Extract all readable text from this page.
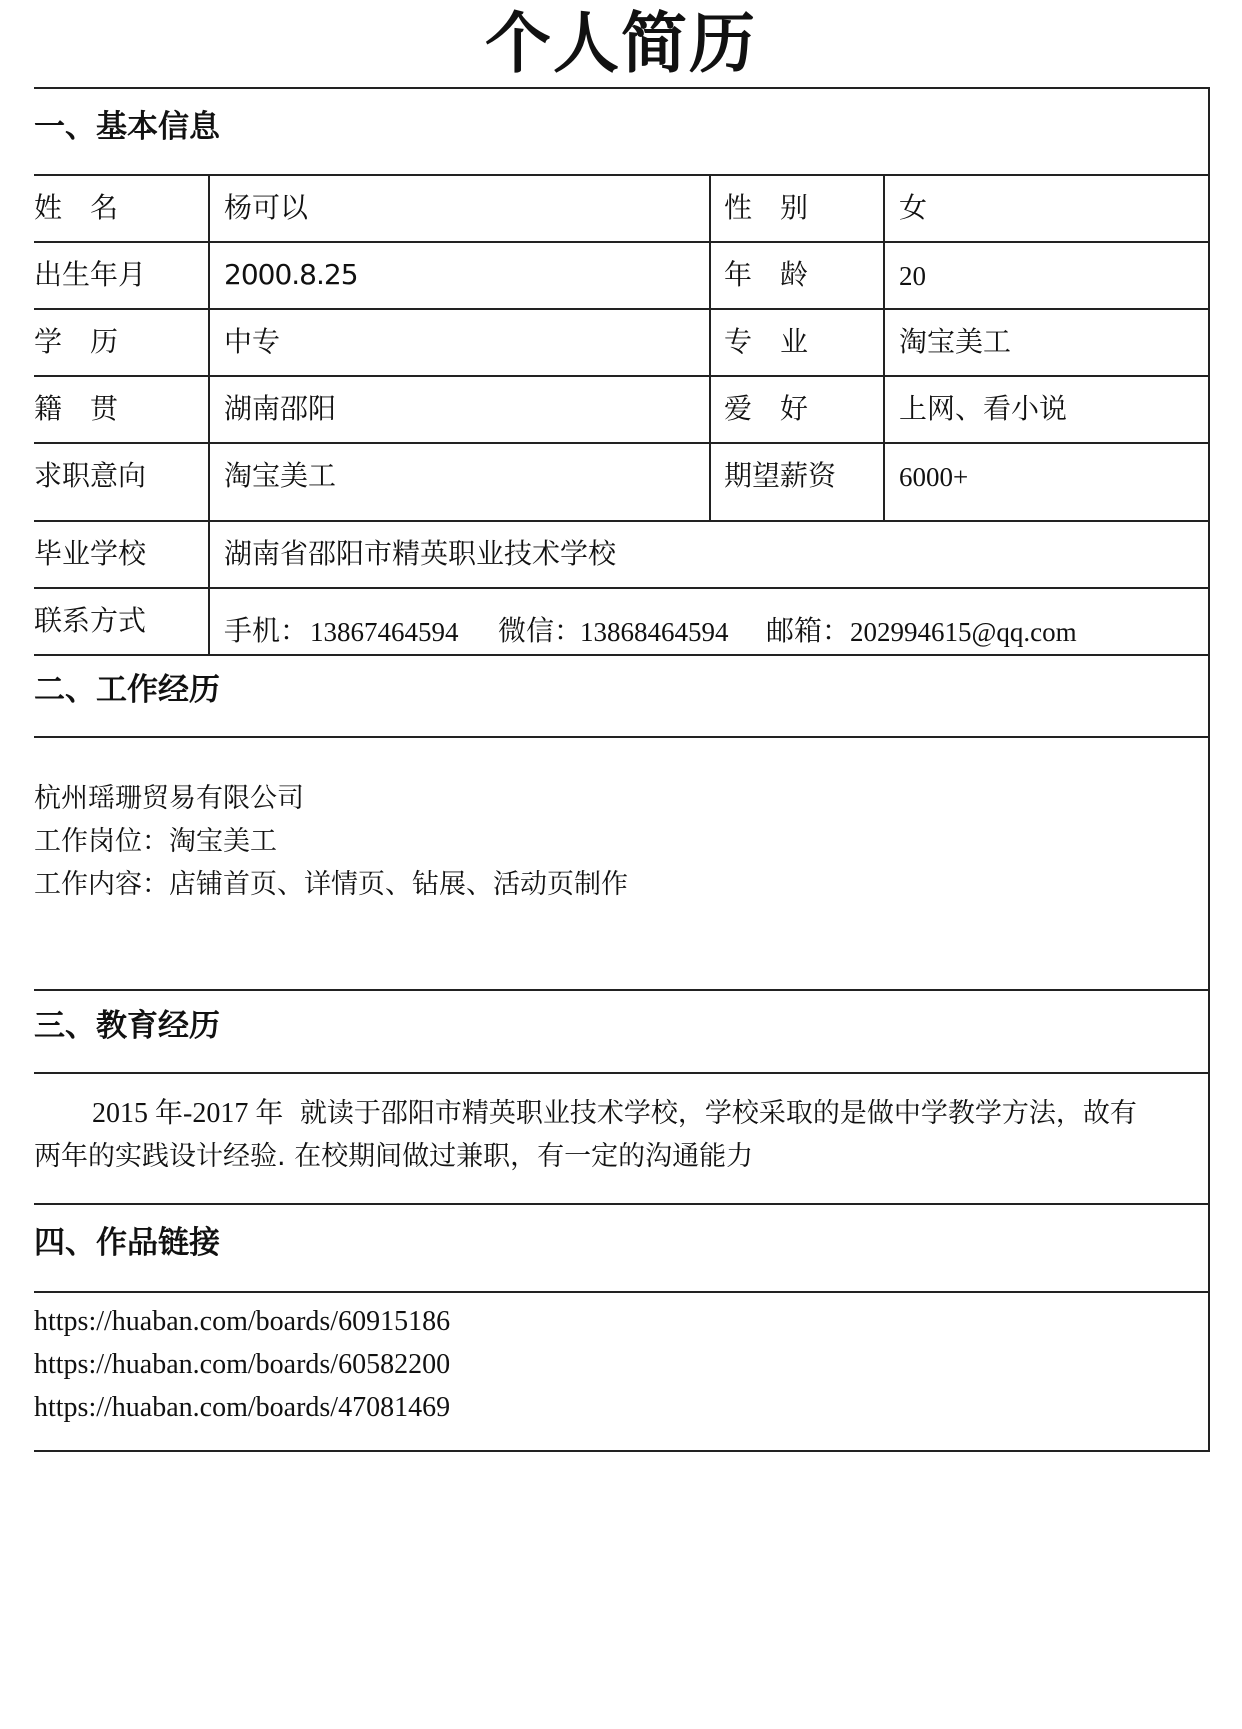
个人简历
一、基本信息
姓　名	杨可以	性　别	女
出生年月	2000.8.25	年　龄	20
学　历	中专	专　业	淘宝美工
籍　贯	湖南邵阳	爱　好	上网、看小说
求职意向	淘宝美工	期望薪资 6000+
毕业学校	湖南省邵阳市精英职业技术学校
联系方式	手机： 13867464594 微信：
13868464594 邮箱： 202994615@qq.com
二、工作经历
杭州瑶珊贸易有限公司
工作岗位：淘宝美工
工作内容：店铺首页、详情页、钻展、活动页制作
三、教育经历
2015 年-2017 年 就读于邵阳市精英职业技术学校，学校采取的是做中学教学方法，故有
两年的实践设计经验. 在校期间做过兼职，有一定的沟通能力
四、作品链接
https://huaban.com/boards/60915186
https://huaban.com/boards/60582200
https://huaban.com/boards/47081469
